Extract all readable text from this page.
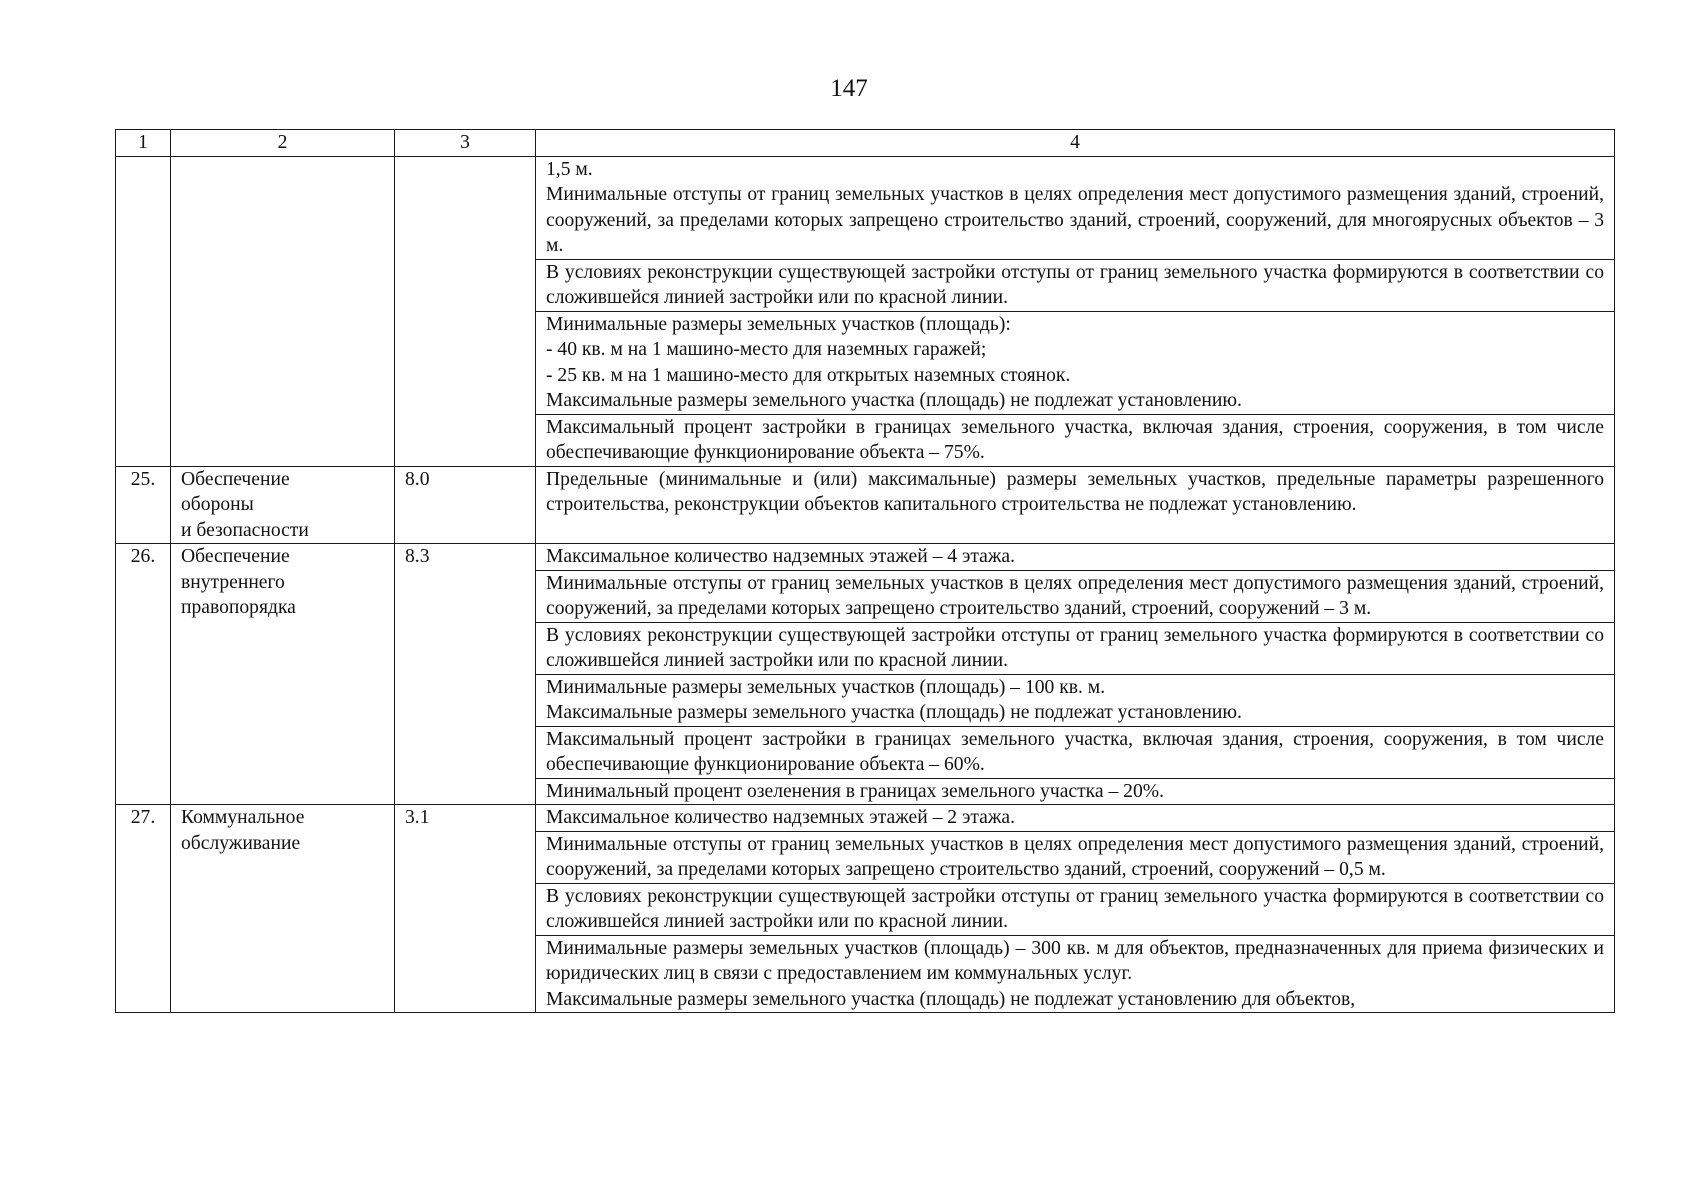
147
1	2	3	4

			1,5 м.
Минимальные отступы от границ земельных участков в целях определения мест допустимого размещения зданий, строений, сооружений, за пределами которых запрещено строительство зданий, строений, сооружений, для многоярусных объектов – 3 м.

			В условиях реконструкции существующей застройки отступы от границ земельного участка формируются в соответствии со сложившейся линией застройки или по красной линии.

			Минимальные размеры земельных участков (площадь):
- 40 кв. м на 1 машино-место для наземных гаражей;
- 25 кв. м на 1 машино-место для открытых наземных стоянок.
Максимальные размеры земельного участка (площадь) не подлежат установлению.

			Максимальный процент застройки в границах земельного участка, включая здания, строения, сооружения, в том числе обеспечивающие функционирование объекта – 75%.

25.	Обеспечение
обороны
и безопасности	8.0	Предельные (минимальные и (или) максимальные) размеры земельных участков, предельные параметры разрешенного строительства, реконструкции объектов капитального строительства не подлежат установлению.

26.	Обеспечение
внутреннего
правопорядка	8.3	Максимальное количество надземных этажей – 4 этажа.

			Минимальные отступы от границ земельных участков в целях определения мест допустимого размещения зданий, строений, сооружений, за пределами которых запрещено строительство зданий, строений, сооружений – 3 м.

			В условиях реконструкции существующей застройки отступы от границ земельного участка формируются в соответствии со сложившейся линией застройки или по красной линии.

			Минимальные размеры земельных участков (площадь) – 100 кв. м.
Максимальные размеры земельного участка (площадь) не подлежат установлению.

			Максимальный процент застройки в границах земельного участка, включая здания, строения, сооружения, в том числе обеспечивающие функционирование объекта – 60%.

			Минимальный процент озеленения в границах земельного участка – 20%.

27.	Коммунальное
обслуживание	3.1	Максимальное количество надземных этажей – 2 этажа.

			Минимальные отступы от границ земельных участков в целях определения мест допустимого размещения зданий, строений, сооружений, за пределами которых запрещено строительство зданий, строений, сооружений – 0,5 м.

			В условиях реконструкции существующей застройки отступы от границ земельного участка формируются в соответствии со сложившейся линией застройки или по красной линии.

			Минимальные размеры земельных участков (площадь) – 300 кв. м для объектов, предназначенных для приема физических и юридических лиц в связи с предоставлением им коммунальных услуг.
Максимальные размеры земельного участка (площадь) не подлежат установлению для объектов,
